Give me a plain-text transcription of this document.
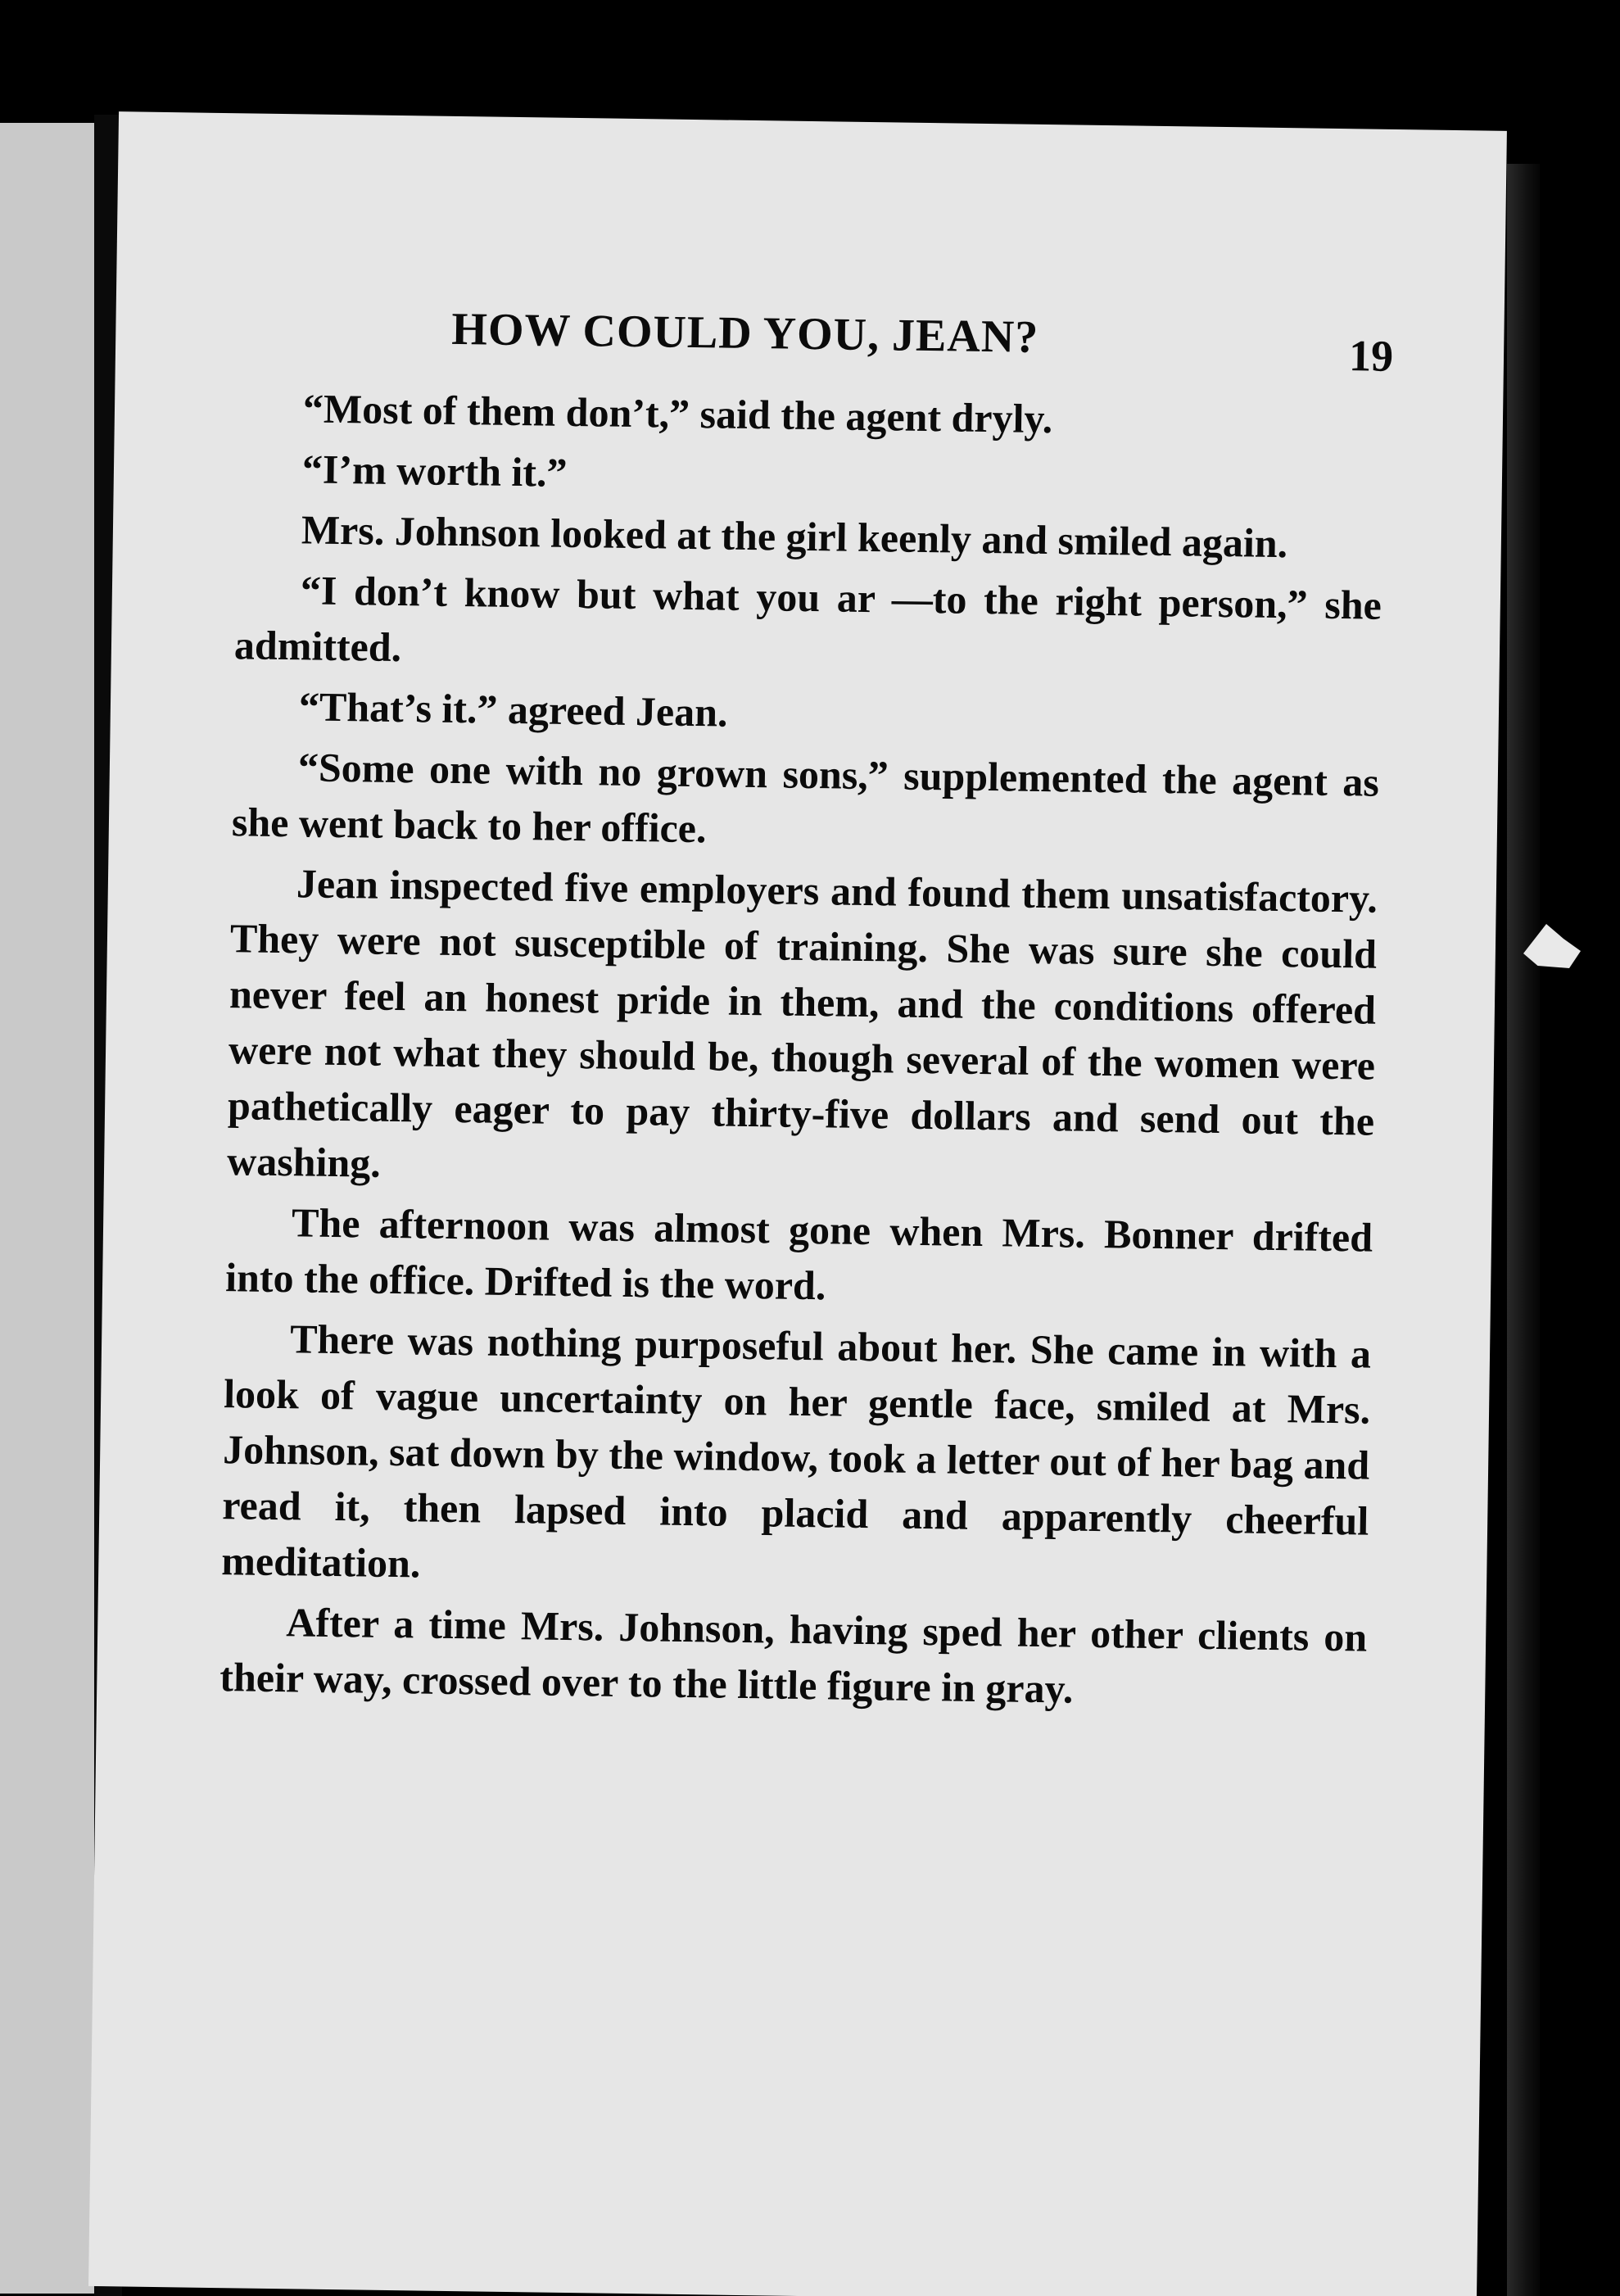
HOW COULD YOU, JEAN?	19

“Most of them don’t,” said the agent dryly.

“I’m worth it.”

Mrs. Johnson looked at the girl keenly and smiled again.

“I don’t know but what you ar —to the right person,” she admitted.

“That’s it.” agreed Jean.

“Some one with no grown sons,” supplemented the agent as she went back to her office.

Jean inspected five employers and found them unsatisfactory. They were not susceptible of training. She was sure she could never feel an honest pride in them, and the conditions offered were not what they should be, though several of the women were pathetically eager to pay thirty-five dollars and send out the washing.

The afternoon was almost gone when Mrs. Bonner drifted into the office. Drifted is the word.

There was nothing purposeful about her. She came in with a look of vague uncertainty on her gentle face, smiled at Mrs. Johnson, sat down by the window, took a letter out of her bag and read it, then lapsed into placid and apparently cheerful meditation.

After a time Mrs. Johnson, having sped her other clients on their way, crossed over to the little figure in gray.
